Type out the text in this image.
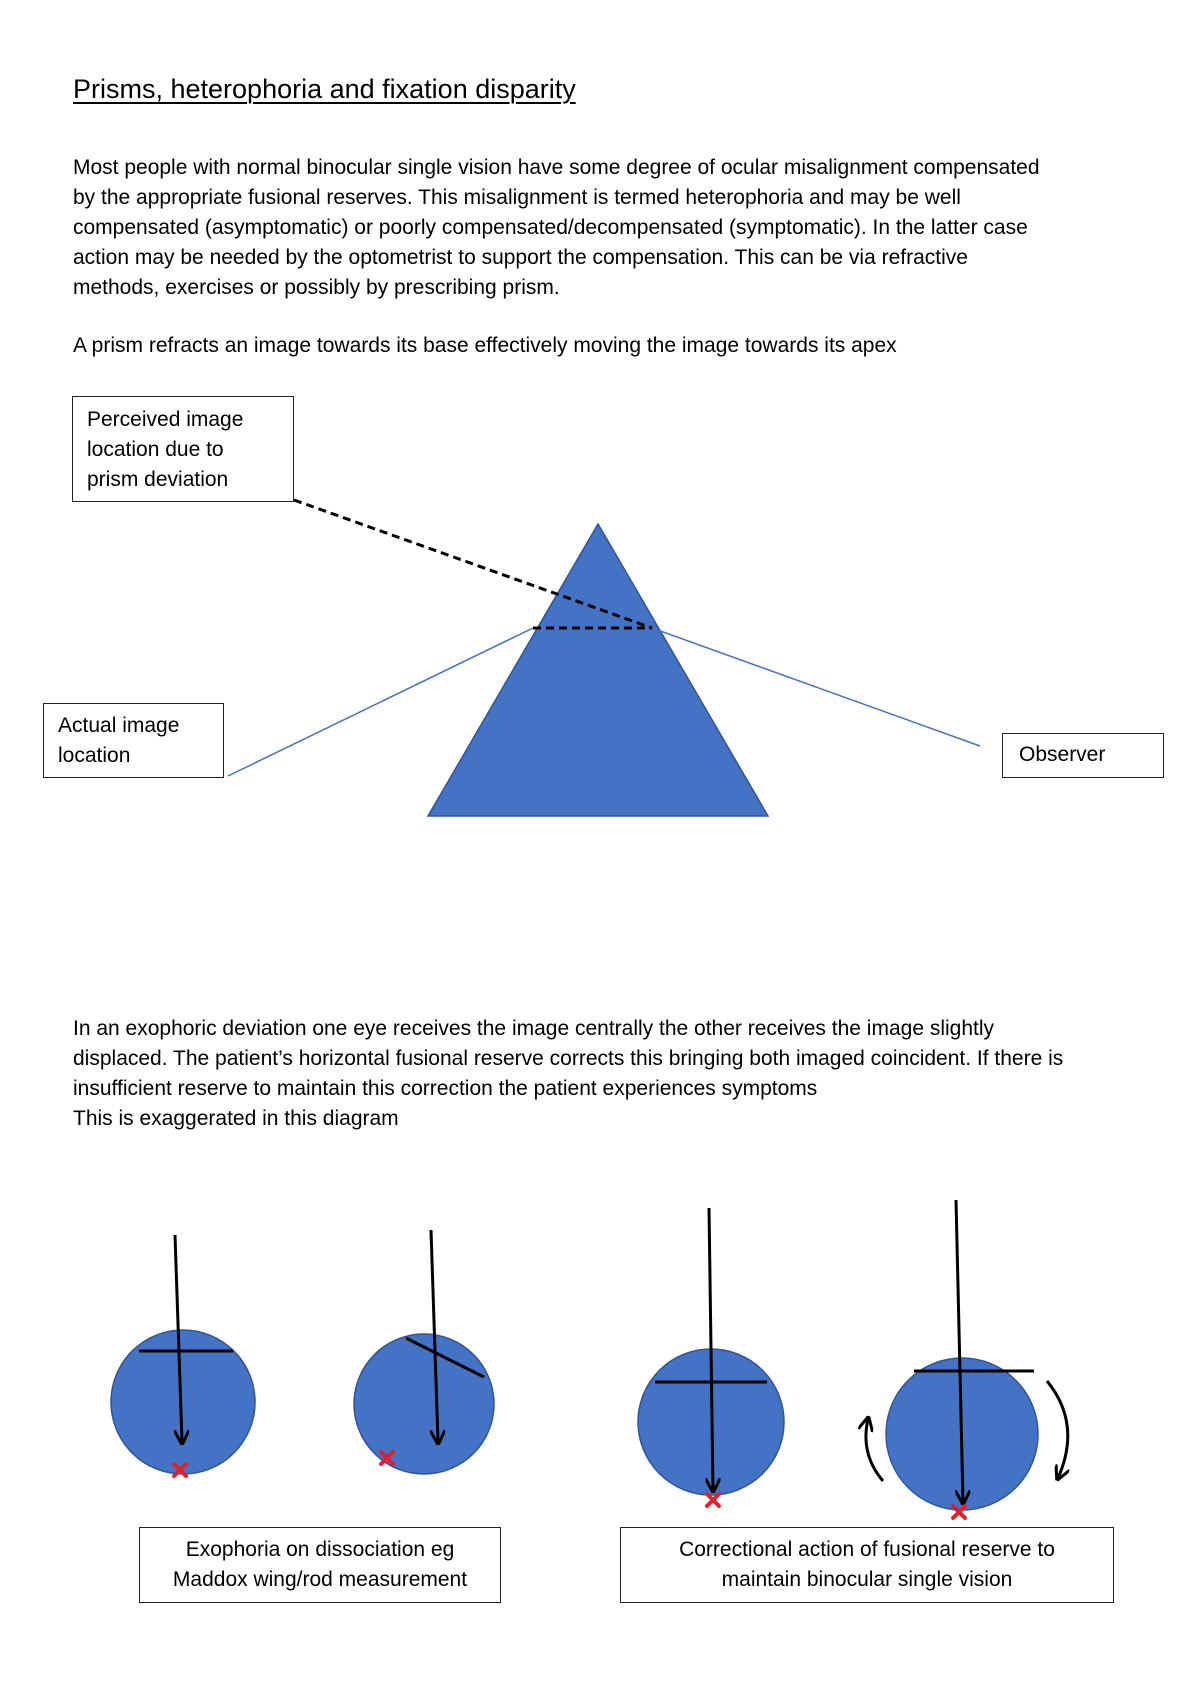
Prisms, heterophoria and fixation disparity
Most people with normal binocular single vision have some degree of ocular misalignment compensated
by the appropriate fusional reserves. This misalignment is termed heterophoria and may be well
compensated (asymptomatic) or poorly compensated/decompensated (symptomatic). In the latter case
action may be needed by the optometrist to support the compensation. This can be via refractive
methods, exercises or possibly by prescribing prism.
A prism refracts an image towards its base effectively moving the image towards its apex
Perceived image
location due to
prism deviation
Actual image
location	Observer
In an exophoric deviation one eye receives the image centrally the other receives the image slightly
displaced. The patient’s horizontal fusional reserve corrects this bringing both imaged coincident. If there is
insufficient reserve to maintain this correction the patient experiences symptoms
This is exaggerated in this diagram
Exophoria on dissociation eg
Maddox wing/rod measurement
Correctional action of fusional reserve to
maintain binocular single vision
